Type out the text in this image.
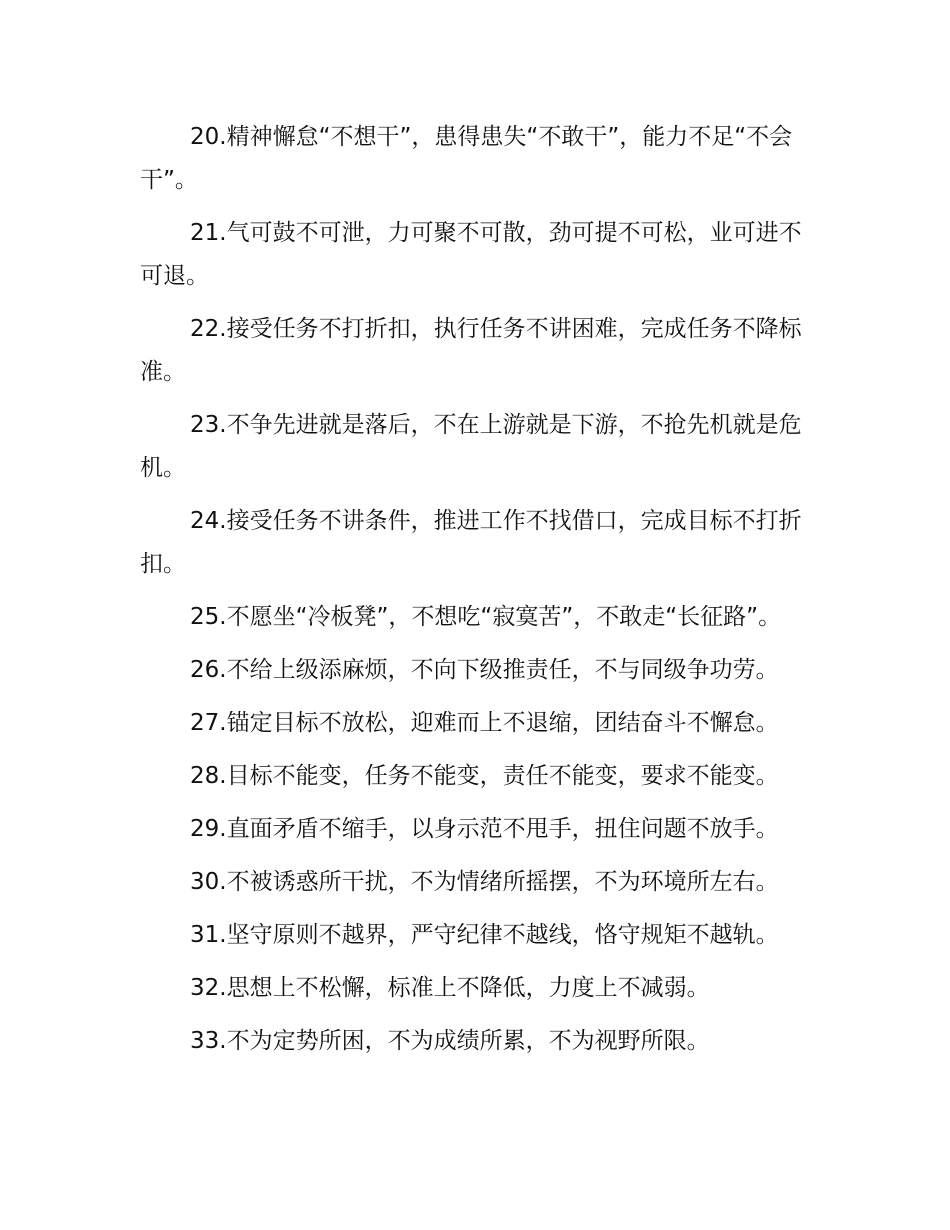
20.精神懈怠“不想干”，患得患失“不敢干”，能力不足“不会干”。

21.气可鼓不可泄，力可聚不可散，劲可提不可松，业可进不可退。

22.接受任务不打折扣，执行任务不讲困难，完成任务不降标准。

23.不争先进就是落后，不在上游就是下游，不抢先机就是危机。

24.接受任务不讲条件，推进工作不找借口，完成目标不打折扣。

25.不愿坐“冷板凳”，不想吃“寂寞苦”，不敢走“长征路”。

26.不给上级添麻烦，不向下级推责任，不与同级争功劳。

27.锚定目标不放松，迎难而上不退缩，团结奋斗不懈怠。

28.目标不能变，任务不能变，责任不能变，要求不能变。

29.直面矛盾不缩手，以身示范不甩手，扭住问题不放手。

30.不被诱惑所干扰，不为情绪所摇摆，不为环境所左右。

31.坚守原则不越界，严守纪律不越线，恪守规矩不越轨。

32.思想上不松懈，标准上不降低，力度上不减弱。

33.不为定势所困，不为成绩所累，不为视野所限。
